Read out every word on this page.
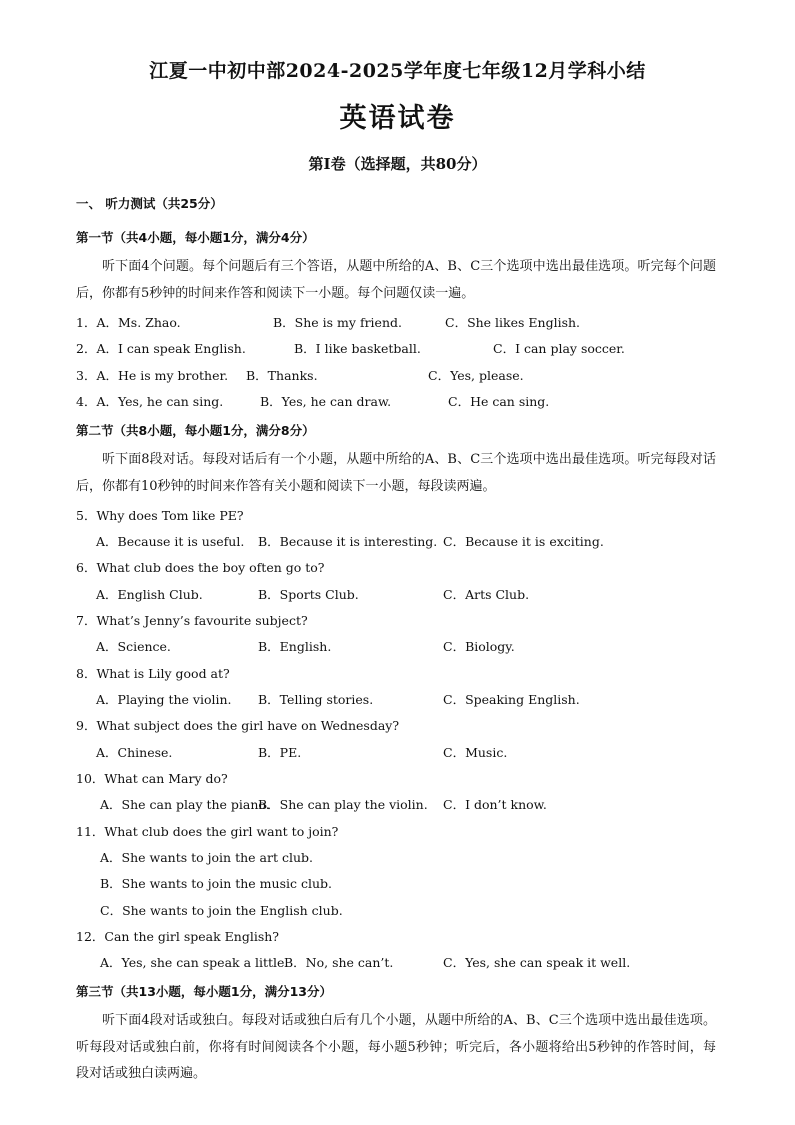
江夏一中初中部2024-2025学年度七年级12月学科小结
英语试卷
第I卷（选择题，共80分）
一、 听力测试（共25分）
第一节（共4小题，每小题1分，满分4分）
听下面4个问题。每个问题后有三个答语，从题中所给的A、B、C三个选项中选出最佳选项。听完每个问题后，你都有5秒钟的时间来作答和阅读下一小题。每个问题仅读一遍。
1．A．Ms. Zhao.	B．She is my friend.	C．She likes English.
2．A．I can speak English.	B．I like basketball.	C．I can play soccer.
3．A．He is my brother. B．Thanks.	C．Yes, please.
4．A．Yes, he can sing.	B．Yes, he can draw.	C．He can sing.
第二节（共8小题，每小题1分，满分8分）
听下面8段对话。每段对话后有一个小题，从题中所给的A、B、C三个选项中选出最佳选项。听完每段对话后，你都有10秒钟的时间来作答有关小题和阅读下一小题，每段读两遍。
5．Why does Tom like PE?
A．Because it is useful. B．Because it is interesting. C．Because it is exciting.
6．What club does the boy often go to?
A．English Club.	B．Sports Club.	C．Arts Club.
7．What’s Jenny’s favourite subject?
A．Science.	B．English.	C．Biology.
8．What is Lily good at?
A．Playing the violin. B．Telling stories.	C．Speaking English.
9．What subject does the girl have on Wednesday?
A．Chinese.	B．PE.	C．Music.
10．What can Mary do?
A．She can play the piano.
B．She can play the violin. C．I don’t know.
11．What club does the girl want to join?
A．She wants to join the art club.
B．She wants to join the music club.
C．She wants to join the English club.
12．Can the girl speak English?
A．Yes, she can speak a little.
B．No, she can’t.	C．Yes, she can speak it well.
第三节（共13小题，每小题1分，满分13分）
听下面4段对话或独白。每段对话或独白后有几个小题，从题中所给的A、B、C三个选项中选出最佳选项。听每段对话或独白前，你将有时间阅读各个小题，每小题5秒钟；听完后，各小题将给出5秒钟的作答时间，每段对话或独白读两遍。
